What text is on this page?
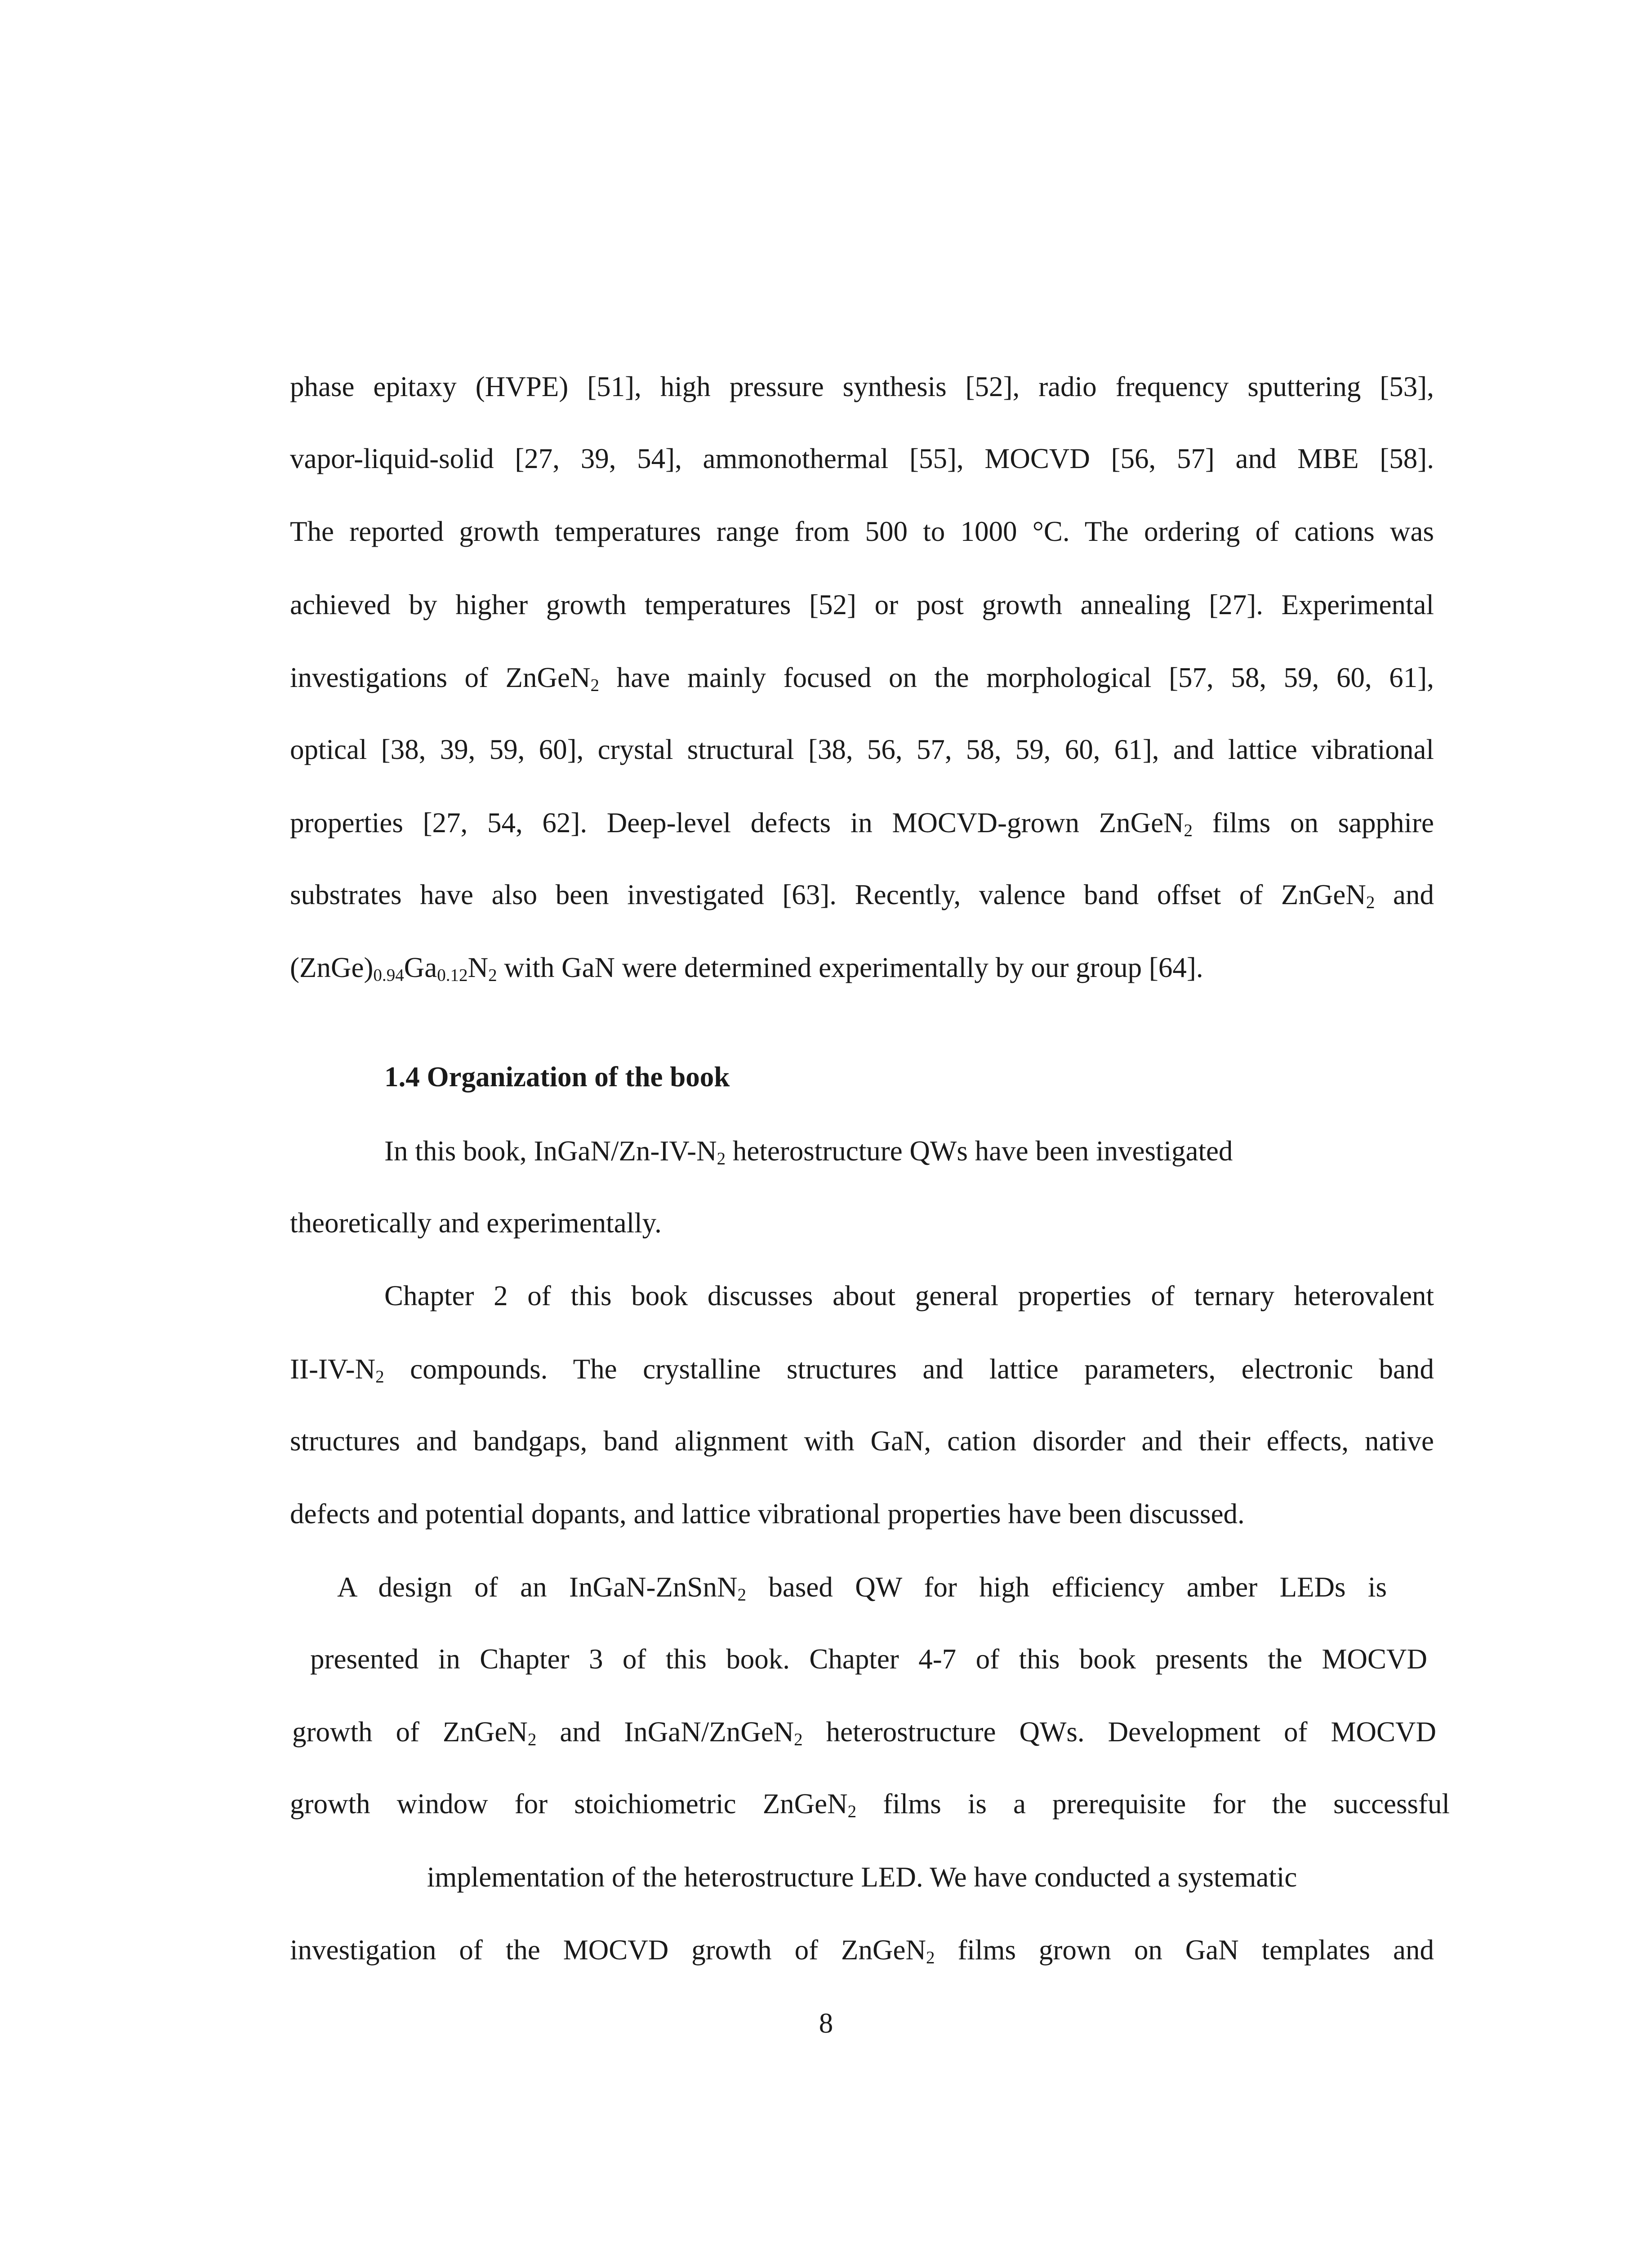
phase epitaxy (HVPE) [51], high pressure synthesis [52], radio frequency sputtering [53],
vapor-liquid-solid [27, 39, 54], ammonothermal [55], MOCVD [56, 57] and MBE [58].
The reported growth temperatures range from 500 to 1000 °C. The ordering of cations was
achieved by higher growth temperatures [52] or post growth annealing [27]. Experimental
investigations of ZnGeN$_2$ have mainly focused on the morphological [57, 58, 59, 60, 61],
optical [38, 39, 59, 60], crystal structural [38, 56, 57, 58, 59, 60, 61], and lattice vibrational
properties [27, 54, 62]. Deep-level defects in MOCVD-grown ZnGeN$_2$ films on sapphire
substrates have also been investigated [63]. Recently, valence band offset of ZnGeN$_2$ and
$(ZnGe)_{0.94}Ga_{0.12}N_2$ with GaN were determined experimentally by our group [64].
1.4 Organization of the book
In this book, InGaN/$Zn-IV-N_2$ heterostructure QWs have been investigated
theoretically and experimentally.
Chapter 2 of this book discusses about general properties of ternary heterovalent
$II-IV-N_2$ compounds. The crystalline structures and lattice parameters, electronic band
structures and bandgaps, band alignment with GaN, cation disorder and their effects, native
defects and potential dopants, and lattice vibrational properties have been discussed.
A design of an InGaN-ZnSnN$_2$ based QW for high efficiency amber LEDs is
presented in Chapter 3 of this book. Chapter 4-7 of this book presents the MOCVD
growth of ZnGeN$_2$ and InGaN/ZnGeN$_2$ heterostructure QWs. Development of MOCVD
growth window for stoichiometric ZnGeN$_2$ films is a prerequisite for the successful
implementation of the heterostructure LED. We have conducted a systematic
investigation of the MOCVD growth of ZnGeN$_2$ films grown on GaN templates and
8
